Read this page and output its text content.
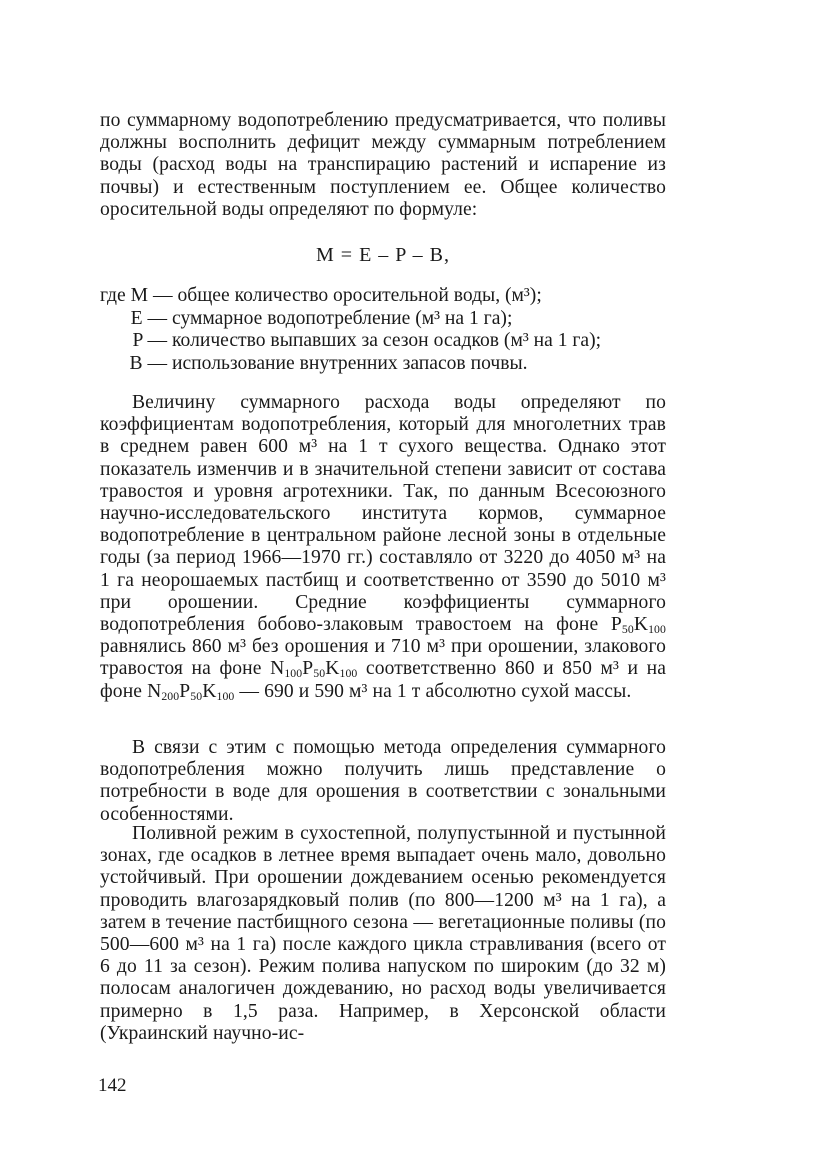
по суммарному водопотреблению предусматривается, что поливы должны восполнить дефицит между суммарным потреблением воды (расход воды на транспирацию растений и испарение из почвы) и естественным поступлением ее. Общее количество оросительной воды определяют по формуле:

M = E – P – B,
где M — общее количество оросительной воды, (м³);
E — суммарное водопотребление (м³ на 1 га);
P — количество выпавших за сезон осадков (м³ на 1 га);
B — использование внутренних запасов почвы.

Величину суммарного расхода воды определяют по коэффициентам водопотребления, который для многолетних трав в среднем равен 600 м³ на 1 т сухого вещества. Однако этот показатель изменчив и в значительной степени зависит от состава травостоя и уровня агротехники. Так, по данным Всесоюзного научно-исследовательского института кормов, суммарное водопотребление в центральном районе лесной зоны в отдельные годы (за период 1966—1970 гг.) составляло от 3220 до 4050 м³ на 1 га неорошаемых пастбищ и соответственно от 3590 до 5010 м³ при орошении. Средние коэффициенты суммарного водопотребления бобово-злаковым травостоем на фоне $P_{50}K_{100}$ равнялись 860 м³ без орошения и 710 м³ при орошении, злакового травостоя на фоне $N_{100}P_{50}K_{100}$ соответственно 860 и 850 м³ и на фоне $N_{200}P_{50}K_{100}$ — 690 и 590 м³ на 1 т абсолютно сухой массы.

В связи с этим с помощью метода определения суммарного водопотребления можно получить лишь представление о потребности в воде для орошения в соответствии с зональными особенностями.

Поливной режим в сухостепной, полупустынной и пустынной зонах, где осадков в летнее время выпадает очень мало, довольно устойчивый. При орошении дождеванием осенью рекомендуется проводить влагозарядковый полив (по 800—1200 м³ на 1 га), а затем в течение пастбищного сезона — вегетационные поливы (по 500—600 м³ на 1 га) после каждого цикла стравливания (всего от 6 до 11 за сезон). Режим полива напуском по широким (до 32 м) полосам аналогичен дождеванию, но расход воды увеличивается примерно в 1,5 раза. Например, в Херсонской области (Украинский научно-ис-

142
